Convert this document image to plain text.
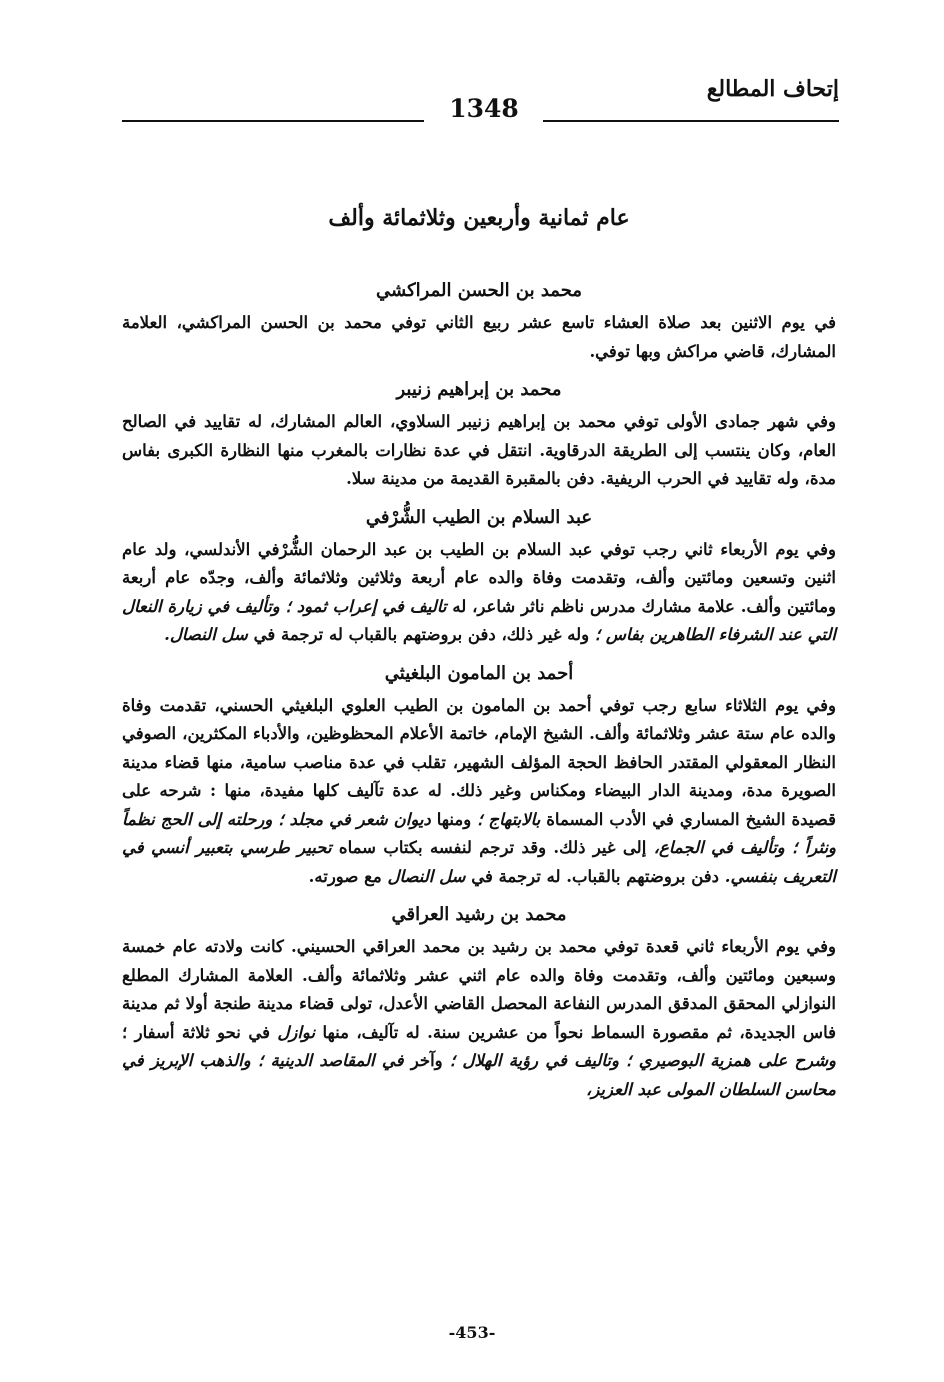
إتحاف المطالع
1348
عام ثمانية وأربعين وثلاثمائة وألف
محمد بن الحسن المراكشي

في يوم الاثنين بعد صلاة العشاء تاسع عشر ربيع الثاني توفي محمد بن الحسن المراكشي، العلامة المشارك، قاضي مراكش وبها توفي.

محمد بن إبراهيم زنيبر

وفي شهر جمادى الأولى توفي محمد بن إبراهيم زنيبر السلاوي، العالم المشارك، له تقاييد في الصالح العام، وكان ينتسب إلى الطريقة الدرقاوية. انتقل في عدة نظارات بالمغرب منها النظارة الكبرى بفاس مدة، وله تقاييد في الحرب الريفية. دفن بالمقبرة القديمة من مدينة سلا.

عبد السلام بن الطيب الشُّرْفي

وفي يوم الأربعاء ثاني رجب توفي عبد السلام بن الطيب بن عبد الرحمان الشُّرْفي الأندلسي، ولد عام اثنين وتسعين ومائتين وألف، وتقدمت وفاة والده عام أربعة وثلاثين وثلاثمائة وألف، وجدّه عام أربعة ومائتين وألف. علامة مشارك مدرس ناظم ناثر شاعر، له تاليف في إعراب ثمود ؛ وتأليف في زيارة النعال التي عند الشرفاء الطاهرين بفاس ؛ وله غير ذلك، دفن بروضتهم بالقباب له ترجمة في سل النصال.

أحمد بن المامون البلغيثي

وفي يوم الثلاثاء سابع رجب توفي أحمد بن المامون بن الطيب العلوي البلغيثي الحسني، تقدمت وفاة والده عام ستة عشر وثلاثمائة وألف. الشيخ الإمام، خاتمة الأعلام المحظوظين، والأدباء المكثرين، الصوفي النظار المعقولي المقتدر الحافظ الحجة المؤلف الشهير، تقلب في عدة مناصب سامية، منها قضاء مدينة الصويرة مدة، ومدينة الدار البيضاء ومكناس وغير ذلك. له عدة تآليف كلها مفيدة، منها : شرحه على قصيدة الشيخ المساري في الأدب المسماة بالابتهاج ؛ ومنها ديوان شعر في مجلد ؛ ورحلته إلى الحج نظماً ونثراً ؛ وتأليف في الجماع، إلى غير ذلك. وقد ترجم لنفسه بكتاب سماه تحبير طرسي بتعبير أنسي في التعريف بنفسي. دفن بروضتهم بالقباب. له ترجمة في سل النصال مع صورته.

محمد بن رشيد العراقي

وفي يوم الأربعاء ثاني قعدة توفي محمد بن رشيد بن محمد العراقي الحسيني. كانت ولادته عام خمسة وسبعين ومائتين وألف، وتقدمت وفاة والده عام اثني عشر وثلاثمائة وألف. العلامة المشارك المطلع النوازلي المحقق المدقق المدرس النفاعة المحصل القاضي الأعدل، تولى قضاء مدينة طنجة أولا ثم مدينة فاس الجديدة، ثم مقصورة السماط نحواً من عشرين سنة. له تآليف، منها نوازل في نحو ثلاثة أسفار ؛ وشرح على همزية البوصيري ؛ وتاليف في رؤية الهلال ؛ وآخر في المقاصد الدينية ؛ والذهب الإبريز في محاسن السلطان المولى عبد العزيز،

-453-
